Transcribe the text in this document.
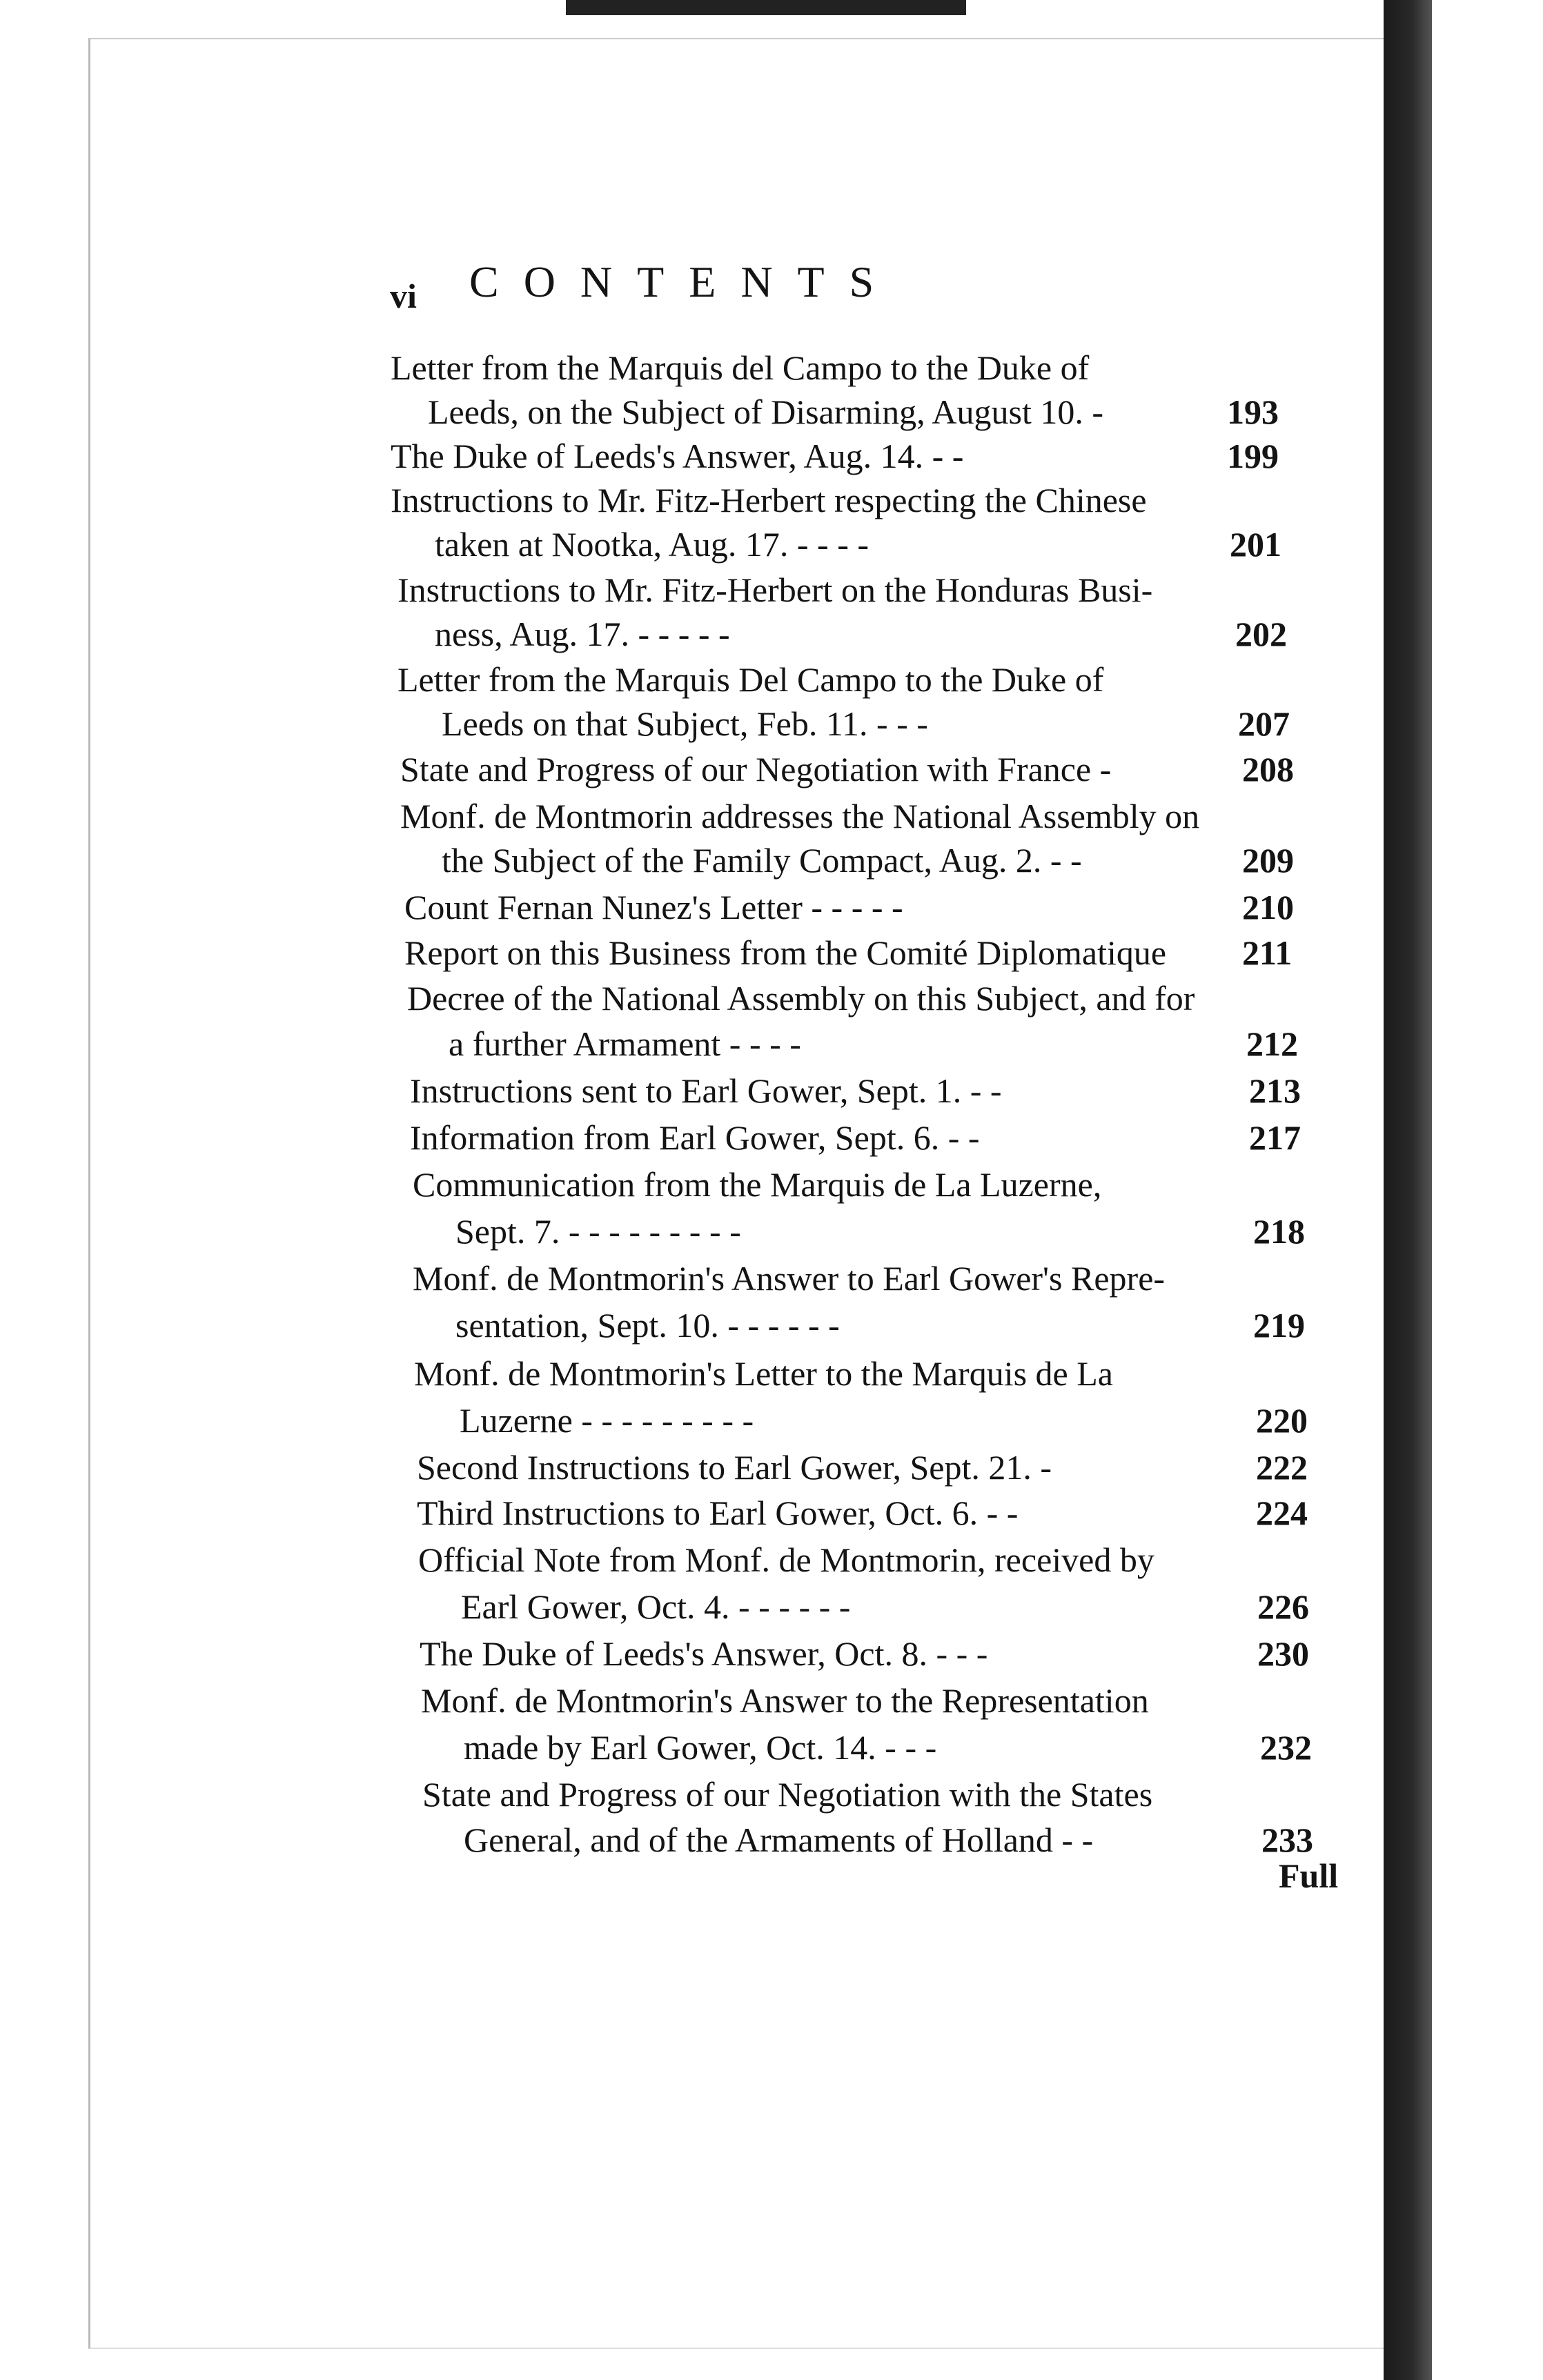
vi CONTENTS
Letter from the Marquis del Campo to the Duke of
Leeds, on the Subject of Disarming, August 10. -	193
The Duke of Leeds's Answer, Aug. 14. - -	199
Instructions to Mr. Fitz-Herbert respecting the Chinese
taken at Nootka, Aug. 17. - - - -	201
Instructions to Mr. Fitz-Herbert on the Honduras Busi-
ness, Aug. 17. - - - - -	202
Letter from the Marquis Del Campo to the Duke of
Leeds on that Subject, Feb. 11. - - -	207
State and Progress of our Negotiation with France -	208
Monf. de Montmorin addresses the National Assembly on
the Subject of the Family Compact, Aug. 2. - -	209
Count Fernan Nunez's Letter - - - - -	210
Report on this Business from the Comité Diplomatique 211
Decree of the National Assembly on this Subject, and for
a further Armament - - - -	212
Instructions sent to Earl Gower, Sept. 1. - -	213
Information from Earl Gower, Sept. 6. - -	217
Communication from the Marquis de La Luzerne,
Sept. 7. - - - - - - - - -	218
Monf. de Montmorin's Answer to Earl Gower's Repre-
sentation, Sept. 10. - - - - - -	219
Monf. de Montmorin's Letter to the Marquis de La
Luzerne - - - - - - - - -	220
Second Instructions to Earl Gower, Sept. 21. -	222
Third Instructions to Earl Gower, Oct. 6. - -	224
Official Note from Monf. de Montmorin, received by
Earl Gower, Oct. 4. - - - - - -	226
The Duke of Leeds's Answer, Oct. 8. - - -	230
Monf. de Montmorin's Answer to the Representation
made by Earl Gower, Oct. 14. - - -	232
State and Progress of our Negotiation with the States
General, and of the Armaments of Holland - -	233
Full
